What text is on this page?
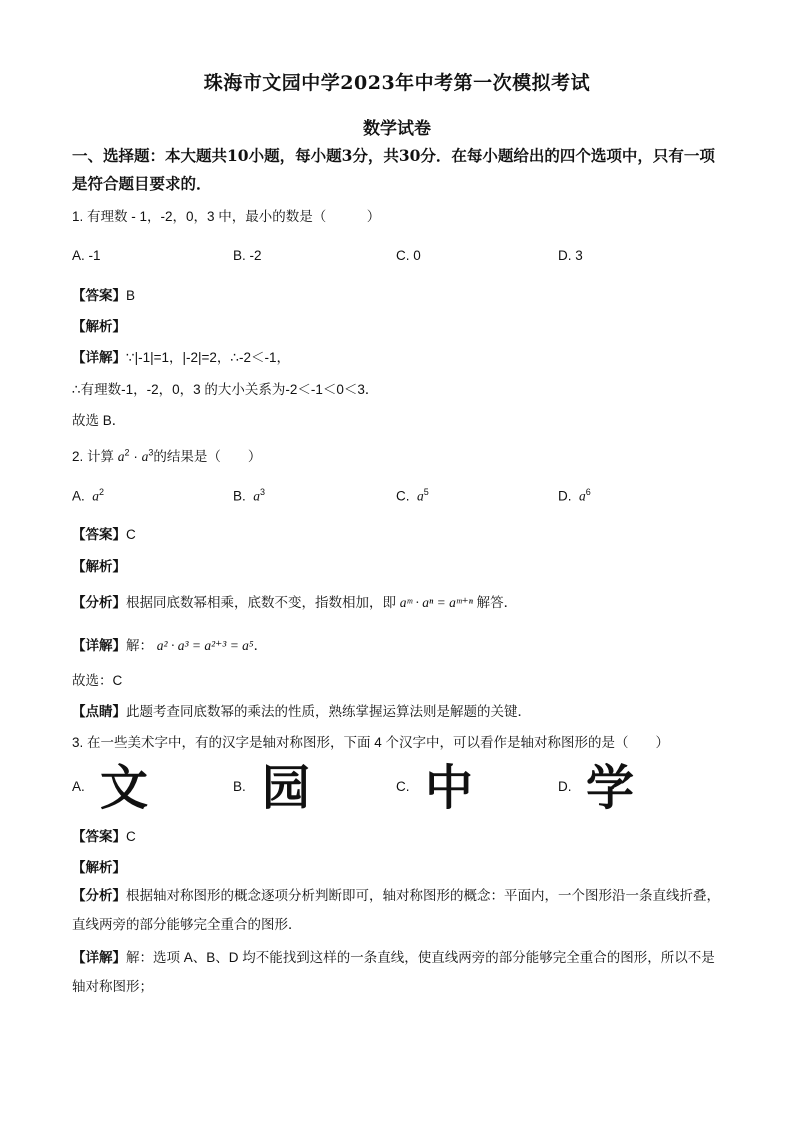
珠海市文园中学2023年中考第一次模拟考试
数学试卷
一、选择题：本大题共10小题，每小题3分，共30分．在每小题给出的四个选项中，只有一项是符合题目要求的．
1. 有理数 - 1，-2，0，3 中，最小的数是（　　　）
A. -1	B. -2	C. 0	D. 3
【答案】B
【解析】
【详解】∵|-1|=1，|-2|=2，∴-2＜-1，
∴有理数-1，-2，0，3 的大小关系为-2＜-1＜0＜3．
故选 B．
2. 计算 $a^2 \cdot a^3$的结果是（　　）
A. $a^2$	B. $a^3$	C. $a^5$	D. $a^6$
【答案】C
【解析】
【分析】根据同底数幂相乘，底数不变，指数相加，即 aᵐ · aⁿ = aᵐ⁺ⁿ 解答．
【详解】解： a² · a³ = a²⁺³ = a⁵．
故选：C
【点睛】此题考查同底数幂的乘法的性质，熟练掌握运算法则是解题的关键．
3. 在一些美术字中，有的汉字是轴对称图形，下面 4 个汉字中，可以看作是轴对称图形的是（　　）
A. 文	B. 园	C. 中	D. 学
【答案】C
【解析】
【分析】根据轴对称图形的概念逐项分析判断即可，轴对称图形的概念：平面内，一个图形沿一条直线折叠，直线两旁的部分能够完全重合的图形．
【详解】解：选项 A、B、D 均不能找到这样的一条直线，使直线两旁的部分能够完全重合的图形，所以不是轴对称图形；
